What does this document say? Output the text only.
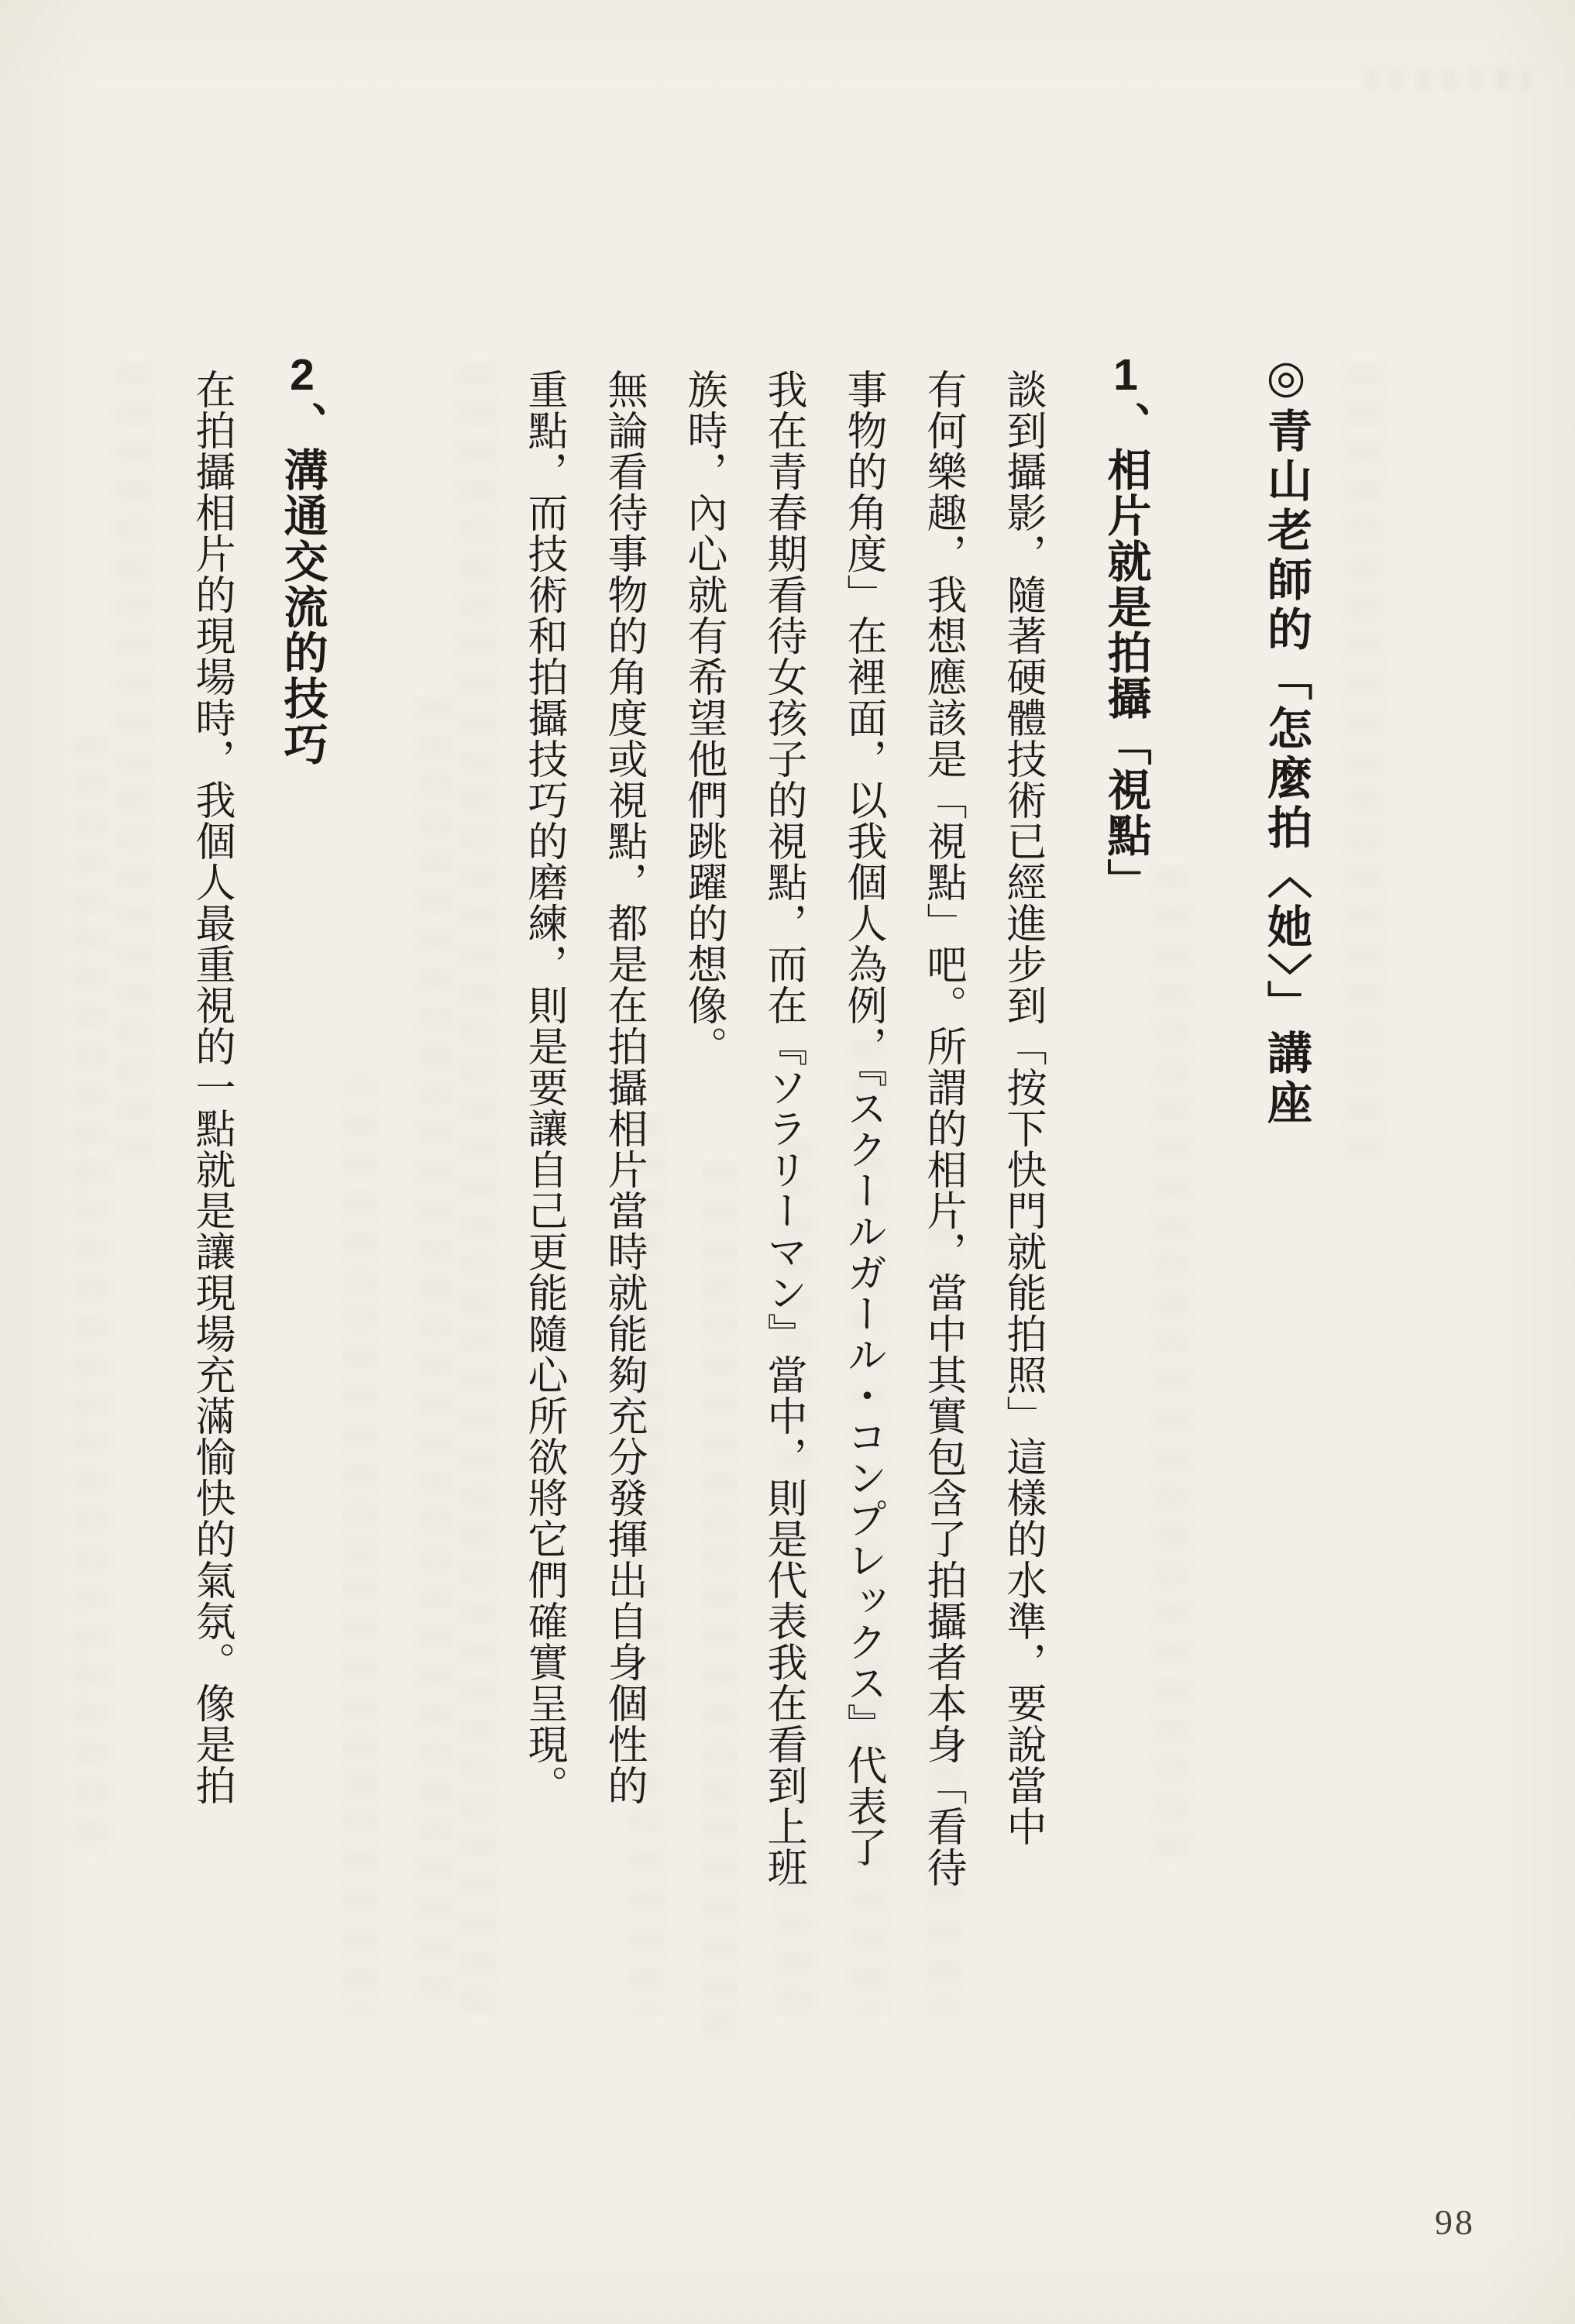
◎青山老師的「怎麼拍〈她〉」講座
1、相片就是拍攝「視點」
談到攝影，隨著硬體技術已經進步到「按下快門就能拍照」這樣的水準，要說當中
有何樂趣，我想應該是「視點」吧。所謂的相片，當中其實包含了拍攝者本身「看待
事物的角度」在裡面，以我個人為例，『スクールガール・コンプレックス』代表了
我在青春期看待女孩子的視點，而在『ソラリーマン』當中，則是代表我在看到上班
族時，內心就有希望他們跳躍的想像。
無論看待事物的角度或視點，都是在拍攝相片當時就能夠充分發揮出自身個性的
重點，而技術和拍攝技巧的磨練，則是要讓自己更能隨心所欲將它們確實呈現。
2、溝通交流的技巧
在拍攝相片的現場時，我個人最重視的一點就是讓現場充滿愉快的氣氛。像是拍
98
